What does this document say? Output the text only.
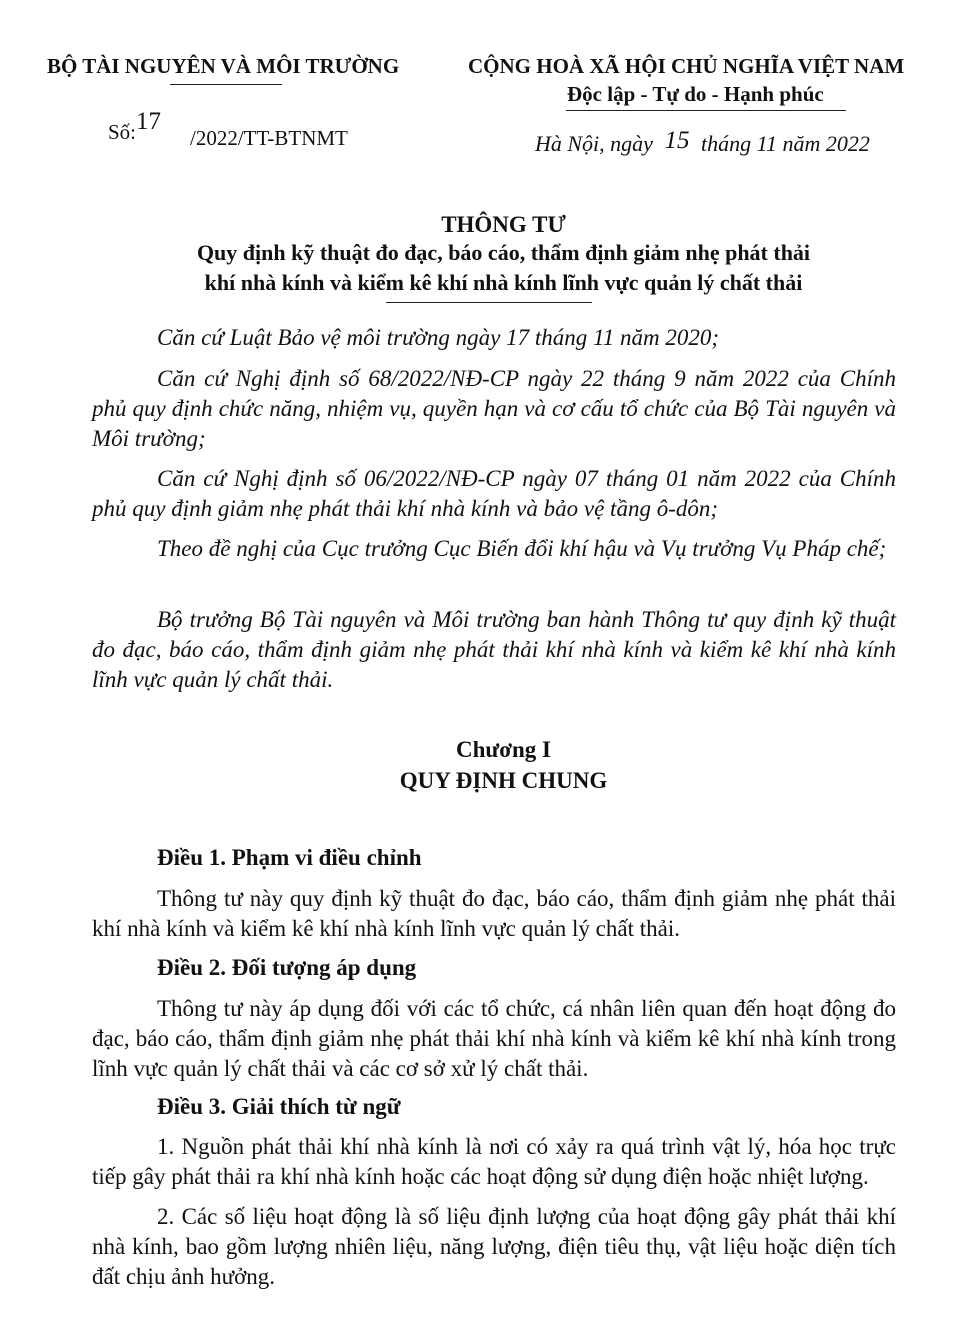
BỘ TÀI NGUYÊN VÀ MÔI TRƯỜNG	CỘNG HOÀ XÃ HỘI CHỦ NGHĨA VIỆT NAM
Độc lập - Tự do - Hạnh phúc
Số:17
/2022/TT-BTNMT	Hà Nội, ngày 15 tháng 11 năm 2022
THÔNG TƯ
Quy định kỹ thuật đo đạc, báo cáo, thẩm định giảm nhẹ phát thải
khí nhà kính và kiểm kê khí nhà kính lĩnh vực quản lý chất thải
Căn cứ Luật Bảo vệ môi trường ngày 17 tháng 11 năm 2020;
Căn cứ Nghị định số 68/2022/NĐ-CP ngày 22 tháng 9 năm 2022 của Chính phủ quy định chức năng, nhiệm vụ, quyền hạn và cơ cấu tổ chức của Bộ Tài nguyên và Môi trường;
Căn cứ Nghị định số 06/2022/NĐ-CP ngày 07 tháng 01 năm 2022 của Chính phủ quy định giảm nhẹ phát thải khí nhà kính và bảo vệ tầng ô-dôn;
Theo đề nghị của Cục trưởng Cục Biến đổi khí hậu và Vụ trưởng Vụ Pháp chế;
Bộ trưởng Bộ Tài nguyên và Môi trường ban hành Thông tư quy định kỹ thuật đo đạc, báo cáo, thẩm định giảm nhẹ phát thải khí nhà kính và kiểm kê khí nhà kính lĩnh vực quản lý chất thải.
Chương I
QUY ĐỊNH CHUNG
Điều 1. Phạm vi điều chỉnh
Thông tư này quy định kỹ thuật đo đạc, báo cáo, thẩm định giảm nhẹ phát thải khí nhà kính và kiểm kê khí nhà kính lĩnh vực quản lý chất thải.
Điều 2. Đối tượng áp dụng
Thông tư này áp dụng đối với các tổ chức, cá nhân liên quan đến hoạt động đo đạc, báo cáo, thẩm định giảm nhẹ phát thải khí nhà kính và kiểm kê khí nhà kính trong lĩnh vực quản lý chất thải và các cơ sở xử lý chất thải.
Điều 3. Giải thích từ ngữ
1. Nguồn phát thải khí nhà kính là nơi có xảy ra quá trình vật lý, hóa học trực tiếp gây phát thải ra khí nhà kính hoặc các hoạt động sử dụng điện hoặc nhiệt lượng.
2. Các số liệu hoạt động là số liệu định lượng của hoạt động gây phát thải khí nhà kính, bao gồm lượng nhiên liệu, năng lượng, điện tiêu thụ, vật liệu hoặc diện tích đất chịu ảnh hưởng.
